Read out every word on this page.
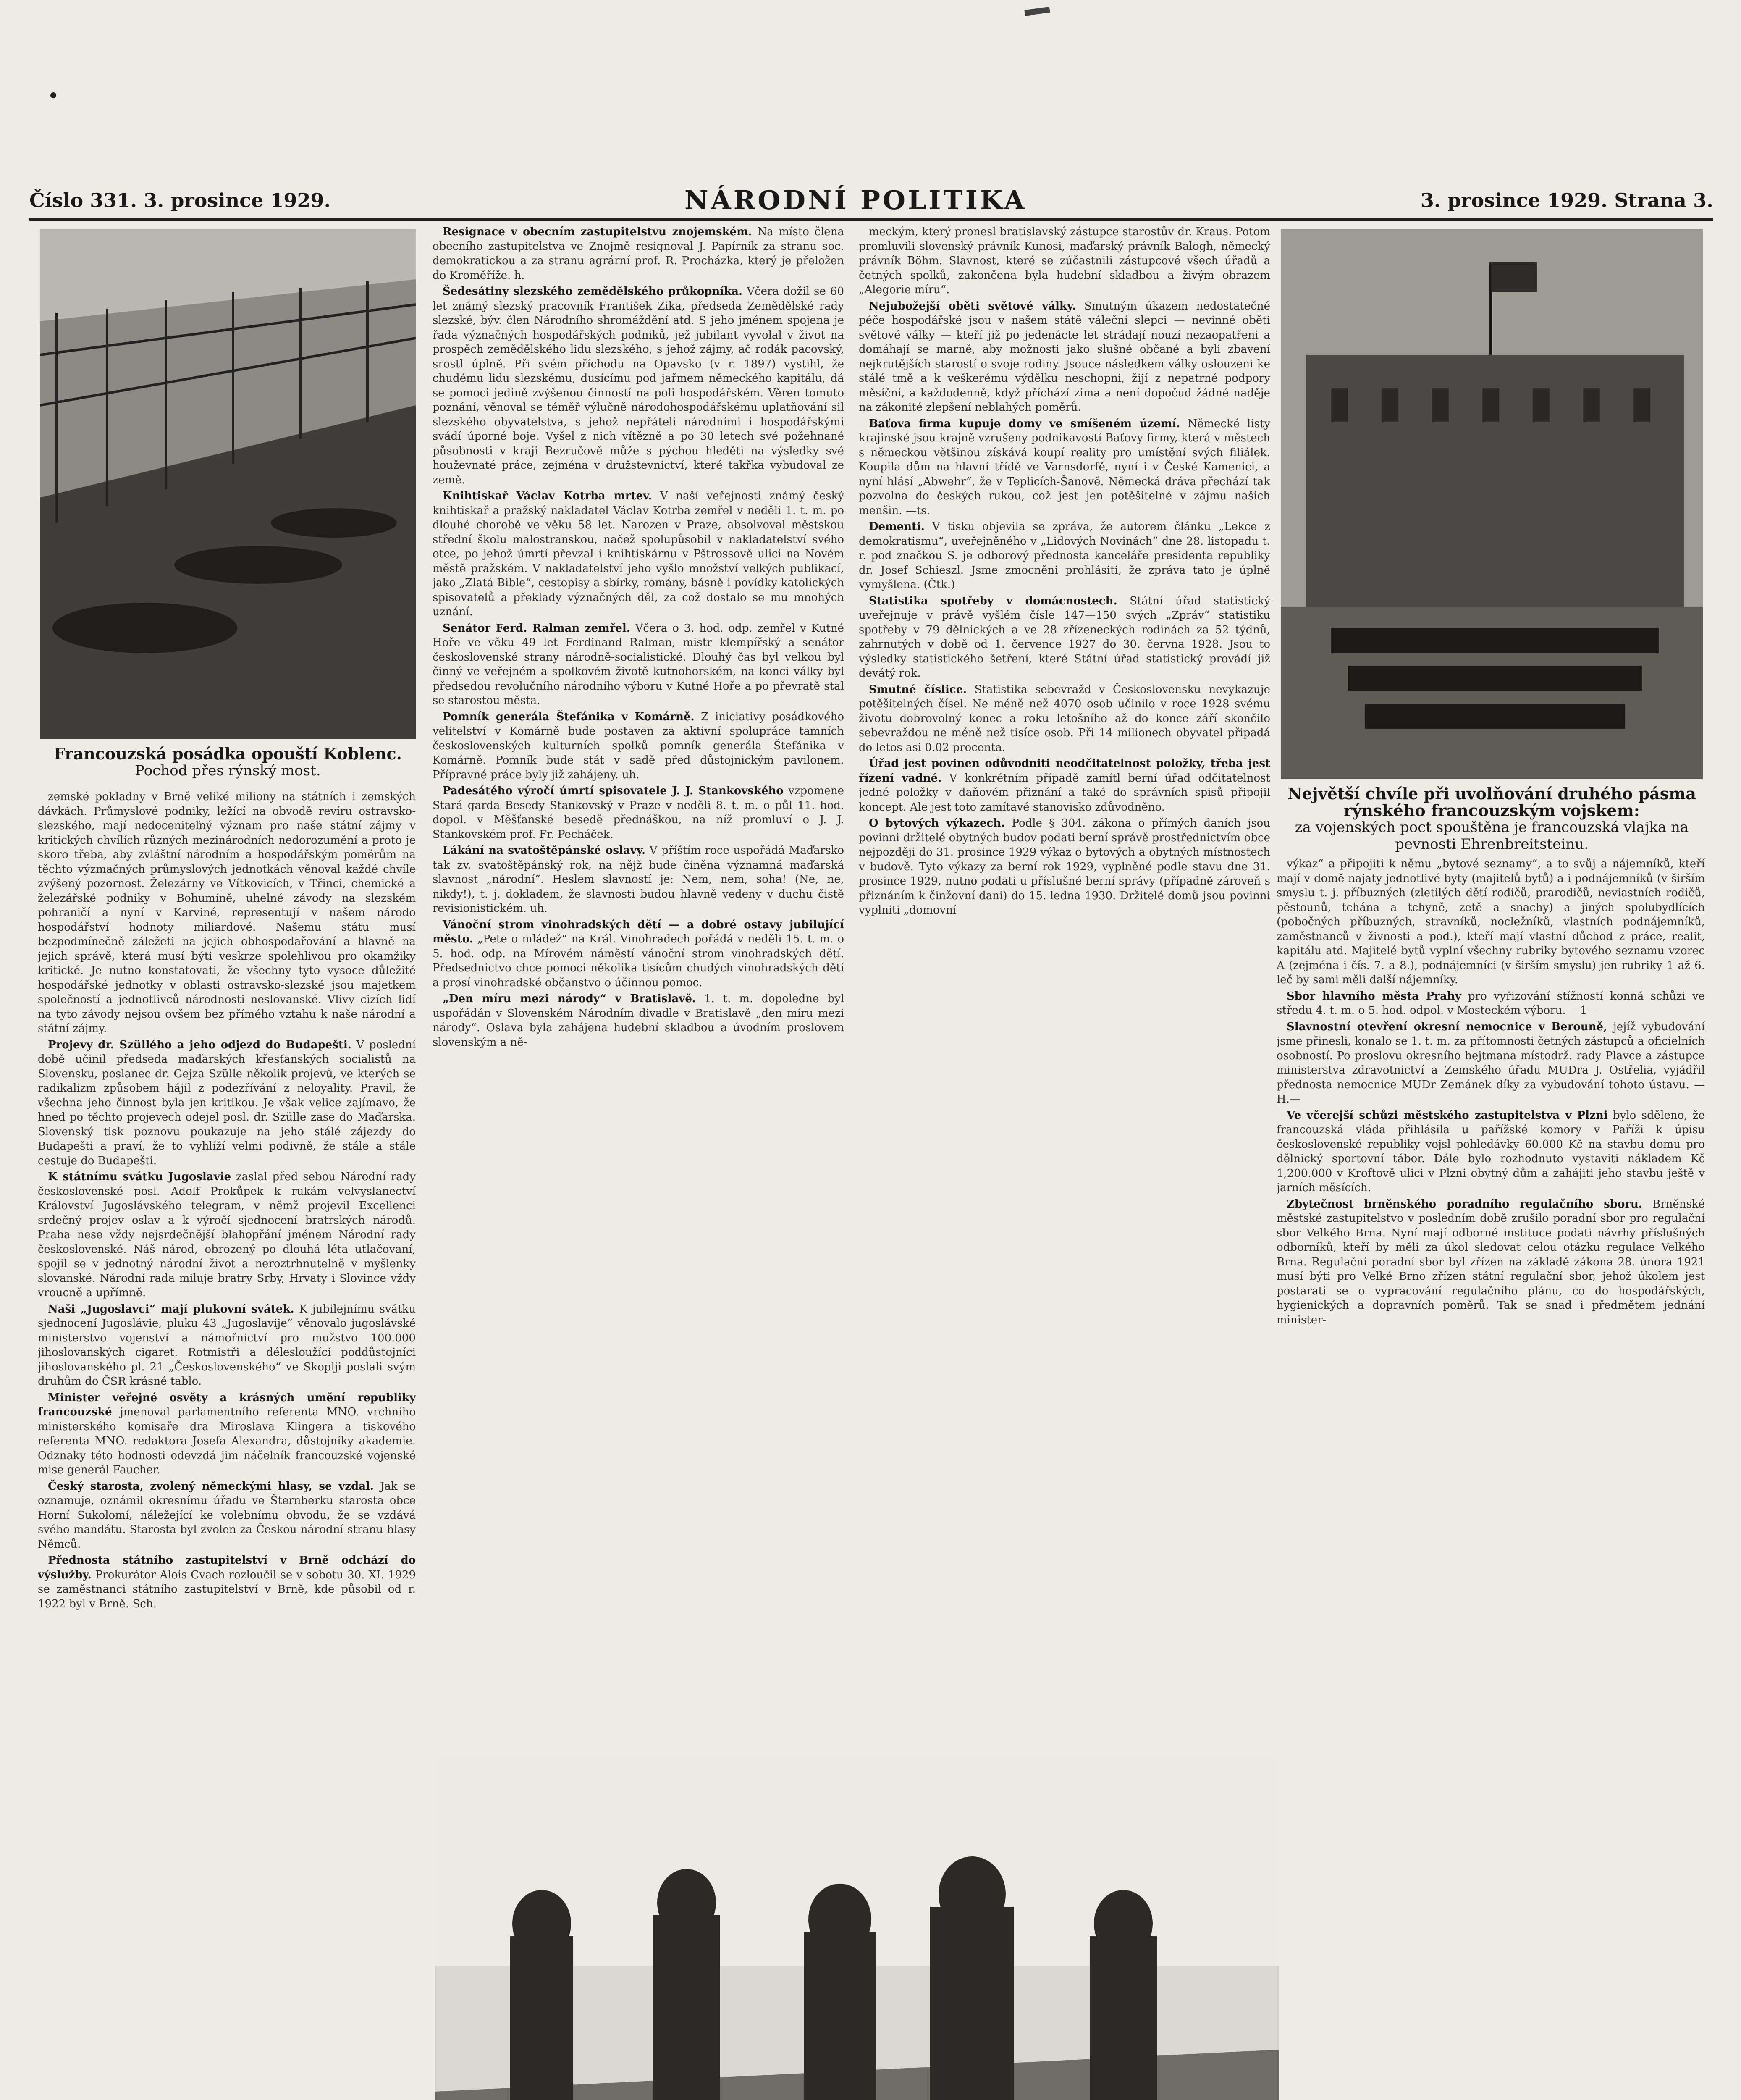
Číslo 331. 3. prosince 1929.	NÁRODNÍ POLITIKA	3. prosince 1929. Strana 3.
Francouzská posádka opouští Koblenc.
Pochod přes rýnský most.
Největší chvíle při uvolňování druhého pásma rýnského francouzským vojskem:
za vojenských poct spouštěna je francouzská vlajka na pevnosti Ehrenbreitsteinu.

zemské pokladny v Brně veliké miliony na státních i zemských dávkách. Průmyslové podniky, ležící na obvodě revíru ostravsko-slezského, mají nedoceniteľný význam pro naše státní zájmy v kritických chvílích různých mezinárodních nedorozumění a proto je skoro třeba, aby zvláštní národním a hospodářským poměrům na těchto výzmačných průmyslových jednotkách věnoval každé chvíle zvýšený pozornost. Železárny ve Vítkovicích, v Třinci, chemické a železářské podniky v Bohumíně, uhelné závody na slezském pohraničí a nyní v Karviné, representují v našem národo hospodářství hodnoty miliardové. Našemu státu musí bezpodmínečně záležeti na jejich obhospodařování a hlavně na jejich správě, která musí býti veskrze spolehlivou pro okamžiky kritické. Je nutno konstatovati, že všechny tyto vysoce důležité hospodářské jednotky v oblasti ostravsko-slezské jsou majetkem společností a jednotlivců národnosti neslovanské. Vlivy cizích lidí na tyto závody nejsou ovšem bez přímého vztahu k naše národní a státní zájmy.

Projevy dr. Szüllého a jeho odjezd do Budapešti. V poslední době učinil předseda maďarských křesťanských socialistů na Slovensku, poslanec dr. Gejza Szülle několik projevů, ve kterých se radikalizm způsobem hájil z podezřívání z neloyality. Pravil, že všechna jeho činnost byla jen kritikou. Je však velice zajímavo, že hned po těchto projevech odejel posl. dr. Szülle zase do Maďarska. Slovenský tisk poznovu poukazuje na jeho stálé zájezdy do Budapešti a praví, že to vyhlíží velmi podivně, že stále a stále cestuje do Budapešti.

K státnímu svátku Jugoslavie zaslal před sebou Národní rady československé posl. Adolf Prokůpek k rukám velvyslanectví Království Jugoslávského telegram, v němž projevil Excellenci srdečný projev oslav a k výročí sjednocení bratrských národů. Praha nese vždy nejsrdečnější blahopřání jménem Národní rady československé. Náš národ, obrozený po dlouhá léta utlačovaní, spojil se v jednotný národní život a neroztrhnutelně v myšlenky slovanské. Národní rada miluje bratry Srby, Hrvaty i Slovince vždy vroucně a upřímně.

Naši „Jugoslavci“ mají plukovní svátek. K jubilejnímu svátku sjednocení Jugoslávie, pluku 43 „Jugoslavije“ věnovalo jugoslávské ministerstvo vojenství a námořnictví pro mužstvo 100.000 jihoslovanských cigaret. Rotmistři a délesloužící poddůstojníci jihoslovanského pl. 21 „Československého“ ve Skoplji poslali svým druhům do ČSR krásné tablo.

Minister veřejné osvěty a krásných umění republiky francouzské jmenoval parlamentního referenta MNO. vrchního ministerského komisaře dra Miroslava Klingera a tiskového referenta MNO. redaktora Josefa Alexandra, důstojníky akademie. Odznaky této hodnosti odevzdá jim náčelník francouzské vojenské mise generál Faucher.

Český starosta, zvolený německými hlasy, se vzdal. Jak se oznamuje, oznámil okresnímu úřadu ve Šternberku starosta obce Horní Sukolomí, náležející ke volebnímu obvodu, že se vzdává svého mandátu. Starosta byl zvolen za Českou národní stranu hlasy Němců.

Přednosta státního zastupitelství v Brně odchází do výslužby. Prokurátor Alois Cvach rozloučil se v sobotu 30. XI. 1929 se zaměstnanci státního zastupitelství v Brně, kde působil od r. 1922 byl v Brně. Sch.

Resignace v obecním zastupitelstvu znojemském. Na místo člena obecního zastupitelstva ve Znojmě resignoval J. Papírník za stranu soc. demokratickou a za stranu agrární prof. R. Procházka, který je přeložen do Kroměříže. h.

Šedesátiny slezského zemědělského průkopníka. Včera dožil se 60 let známý slezský pracovník František Zika, předseda Zemědělské rady slezské, býv. člen Národního shromáždění atd. S jeho jménem spojena je řada význačných hospodářských podniků, jež jubilant vyvolal v život na prospěch zemědělského lidu slezského, s jehož zájmy, ač rodák pacovský, srostl úplně. Při svém příchodu na Opavsko (v r. 1897) vystihl, že chudému lidu slezskému, dusícímu pod jařmem německého kapitálu, dá se pomoci jedině zvýšenou činností na poli hospodářském. Věren tomuto poznání, věnoval se téměř výlučně národohospodářskému uplatňování sil slezského obyvatelstva, s jehož nepřáteli národními i hospodářskými svádí úporné boje. Vyšel z nich vítězně a po 30 letech své požehnané působnosti v kraji Bezručově může s pýchou hleděti na výsledky své houževnaté práce, zejména v družstevnictví, které takřka vybudoval ze země.

Knihtiskař Václav Kotrba mrtev. V naší veřejnosti známý český knihtiskař a pražský nakladatel Václav Kotrba zemřel v neděli 1. t. m. po dlouhé chorobě ve věku 58 let. Narozen v Praze, absolvoval městskou střední školu malostranskou, načež spolupůsobil v nakladatelství svého otce, po jehož úmrtí převzal i knihtiskárnu v Pštrossově ulici na Novém městě pražském. V nakladatelství jeho vyšlo množství velkých publikací, jako „Zlatá Bible“, cestopisy a sbírky, romány, básně i povídky katolických spisovatelů a překlady význačných děl, za což dostalo se mu mnohých uznání.

Senátor Ferd. Ralman zemřel. Včera o 3. hod. odp. zemřel v Kutné Hoře ve věku 49 let Ferdinand Ralman, mistr klempířský a senátor československé strany národně-socialistické. Dlouhý čas byl velkou byl činný ve veřejném a spolkovém životě kutnohorském, na konci války byl předsedou revolučního národního výboru v Kutné Hoře a po převratě stal se starostou města.

Pomník generála Štefánika v Komárně. Z iniciativy posádkového velitelství v Komárně bude postaven za aktivní spolupráce tamních československých kulturních spolků pomník generála Štefánika v Komárně. Pomník bude stát v sadě před důstojnickým pavilonem. Přípravné práce byly již zahájeny. uh.

Padesátého výročí úmrtí spisovatele J. J. Stankovského vzpomene Stará garda Besedy Stankovský v Praze v neděli 8. t. m. o půl 11. hod. dopol. v Měšťanské besedě přednáškou, na níž promluví o J. J. Stankovském prof. Fr. Pecháček.

Lákání na svatoštěpánské oslavy. V příštím roce uspořádá Maďarsko tak zv. svatoštěpánský rok, na nějž bude činěna významná maďarská slavnost „národní“. Heslem slavností je: Nem, nem, soha! (Ne, ne, nikdy!), t. j. dokladem, že slavnosti budou hlavně vedeny v duchu čistě revisionistickém. uh.

Vánoční strom vinohradských dětí — a dobré ostavy jubilující město. „Pete o mládež“ na Král. Vinohradech pořádá v neděli 15. t. m. o 5. hod. odp. na Mírovém náměstí vánoční strom vinohradských dětí. Předsednictvo chce pomoci několika tisícům chudých vinohradských dětí a prosí vinohradské občanstvo o účinnou pomoc.

„Den míru mezi národy“ v Bratislavě. 1. t. m. dopoledne byl uspořádán v Slovenském Národním divadle v Bratislavě „den míru mezi národy“. Oslava byla zahájena hudební skladbou a úvodním proslovem slovenským a ně-

meckým, který pronesl bratislavský zástupce starostův dr. Kraus. Potom promluvili slovenský právník Kunosi, maďarský právník Balogh, německý právník Böhm. Slavnost, které se zúčastnili zástupcové všech úřadů a četných spolků, zakončena byla hudební skladbou a živým obrazem „Alegorie míru“.

Nejubožejší oběti světové války. Smutným úkazem nedostatečné péče hospodářské jsou v našem státě váleční slepci — nevinné oběti světové války — kteří již po jedenácte let strádají nouzí nezaopatřeni a domáhají se marně, aby možnosti jako slušné občané a byli zbavení nejkrutějších starostí o svoje rodiny. Jsouce následkem války oslouzeni ke stálé tmě a k veškerému výdělku neschopni, žijí z nepatrné podpory měsíční, a každodenně, když příchází zima a není dopočud žádné naděje na zákonité zlepšení neblahých poměrů.

Baťova firma kupuje domy ve smíšeném území. Německé listy krajinské jsou krajně vzrušeny podnikavostí Baťovy firmy, která v městech s německou většinou získává koupí reality pro umístění svých filiálek. Koupila dům na hlavní třídě ve Varnsdorfě, nyní i v České Kamenici, a nyní hlásí „Abwehr“, že v Teplicích-Šanově. Německá dráva přechází tak pozvolna do českých rukou, což jest jen potěšitelné v zájmu našich menšin. —ts.

Dementi. V tisku objevila se zpráva, že autorem článku „Lekce z demokratismu“, uveřejněného v „Lidových Novinách“ dne 28. listopadu t. r. pod značkou S. je odborový přednosta kanceláře presidenta republiky dr. Josef Schieszl. Jsme zmocněni prohlásiti, že zpráva tato je úplně vymyšlena. (Čtk.)

Statistika spotřeby v domácnostech. Státní úřad statistický uveřejnuje v právě vyšlém čísle 147—150 svých „Zpráv“ statistiku spotřeby v 79 dělnických a ve 28 zřízeneckých rodinách za 52 týdnů, zahrnutých v době od 1. července 1927 do 30. června 1928. Jsou to výsledky statistického šetření, které Státní úřad statistický provádí již devátý rok.

Smutné číslice. Statistika sebevražd v Československu nevykazuje potěšitelných čísel. Ne méně než 4070 osob učinilo v roce 1928 svému životu dobrovolný konec a roku letošního až do konce září skončilo sebevraždou ne méně než tisíce osob. Při 14 milionech obyvatel připadá do letos asi 0.02 procenta.

Úřad jest povinen odůvodniti neodčitatelnost položky, třeba jest řízení vadné. V konkrétním případě zamítl berní úřad odčitatelnost jedné položky v daňovém přiznání a také do správních spisů připojil koncept. Ale jest toto zamítavé stanovisko zdůvodněno.

O bytových výkazech. Podle § 304. zákona o přímých daních jsou povinni držitelé obytných budov podati berní správě prostřednictvím obce nejpozději do 31. prosince 1929 výkaz o bytových a obytných místnostech v budově. Tyto výkazy za berní rok 1929, vyplněné podle stavu dne 31. prosince 1929, nutno podati u příslušné berní správy (případně zároveň s přiznáním k činžovní dani) do 15. ledna 1930. Držitelé domů jsou povinni vyplniti „domovní

výkaz“ a připojiti k němu „bytové seznamy“, a to svůj a nájemníků, kteří mají v domě najaty jednotlivé byty (majitelů bytů) a i podnájemníků (v širším smyslu t. j. příbuzných (zletilých dětí rodičů, prarodičů, neviastních rodičů, pěstounů, tchána a tchyně, zetě a snachy) a jiných spolubydlících (pobočných příbuzných, stravníků, nocležníků, vlastních podnájemníků, zaměstnanců v živnosti a pod.), kteří mají vlastní důchod z práce, realit, kapitálu atd. Majitelé bytů vyplní všechny rubriky bytového seznamu vzorec A (zejména i čís. 7. a 8.), podnájemníci (v širším smyslu) jen rubriky 1 až 6. leč by sami měli další nájemníky.

Sbor hlavního města Prahy pro vyřizování stížností konná schůzi ve středu 4. t. m. o 5. hod. odpol. v Mosteckém výboru. —1—

Slavnostní otevření okresní nemocnice v Berouně, jejíž vybudování jsme přinesli, konalo se 1. t. m. za přítomnosti četných zástupců a oficielních osobností. Po proslovu okresního hejtmana místodrž. rady Plavce a zástupce ministerstva zdravotnictví a Zemského úřadu MUDra J. Ostřelia, vyjádřil přednosta nemocnice MUDr Zemánek díky za vybudování tohoto ústavu. —H.—

Ve včerejší schůzi městského zastupitelstva v Plzni bylo sděleno, že francouzská vláda přihlásila u pařížské komory v Paříži k úpisu československé republiky vojsl pohledávky 60.000 Kč na stavbu domu pro dělnický sportovní tábor. Dále bylo rozhodnuto vystaviti nákladem Kč 1,200.000 v Kroftově ulici v Plzni obytný dům a zahájiti jeho stavbu ještě v jarních měsících.

Zbytečnost brněnského poradního regulačního sboru. Brněnské městské zastupitelstvo v posledním době zrušilo poradní sbor pro regulační sbor Velkého Brna. Nyní mají odborné instituce podati návrhy příslušných odborníků, kteří by měli za úkol sledovat celou otázku regulace Velkého Brna. Regulační poradní sbor byl zřízen na základě zákona 28. února 1921 musí býti pro Velké Brno zřízen státní regulační sbor, jehož úkolem jest postarati se o vypracování regulačního plánu, co do hospodářských, hygienických a dopravních poměrů. Tak se snad i předmětem jednání minister-
